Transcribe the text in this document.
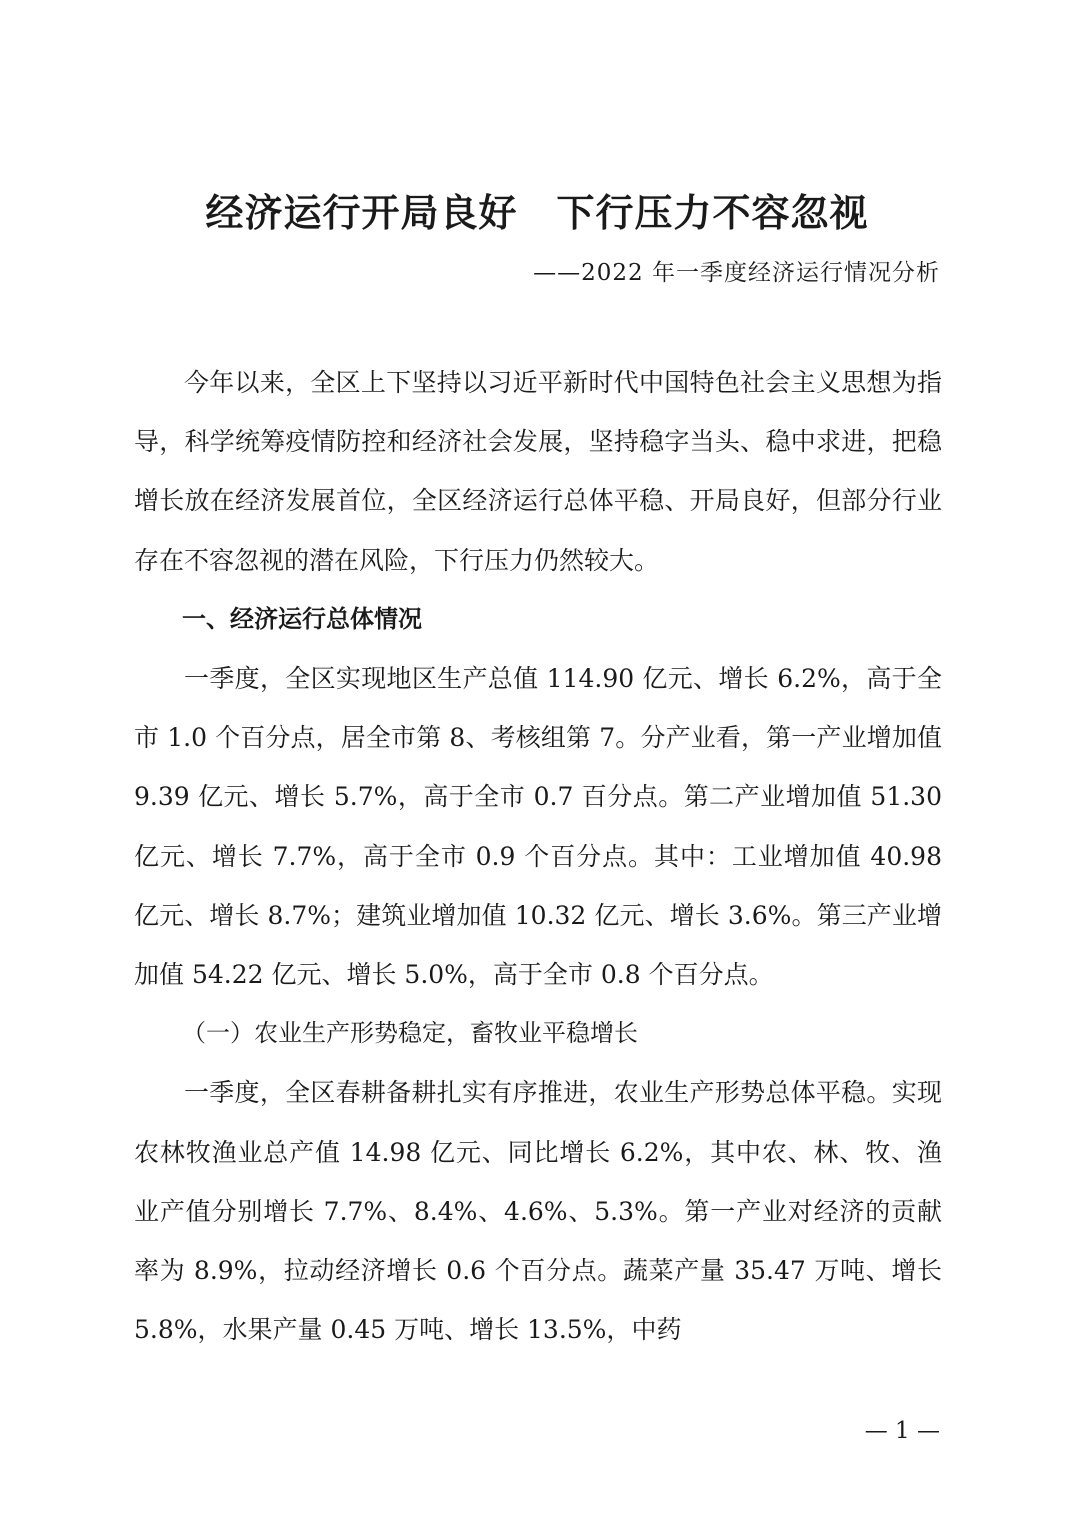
经济运行开局良好　下行压力不容忽视
——2022 年一季度经济运行情况分析

今年以来，全区上下坚持以习近平新时代中国特色社会主义思想为指导，科学统筹疫情防控和经济社会发展，坚持稳字当头、稳中求进，把稳增长放在经济发展首位，全区经济运行总体平稳、开局良好，但部分行业存在不容忽视的潜在风险，下行压力仍然较大。

一、经济运行总体情况

一季度，全区实现地区生产总值 114.90 亿元、增长 6.2%，高于全市 1.0 个百分点，居全市第 8、考核组第 7。分产业看，第一产业增加值 9.39 亿元、增长 5.7%，高于全市 0.7 百分点。第二产业增加值 51.30 亿元、增长 7.7%，高于全市 0.9 个百分点。其中：工业增加值 40.98 亿元、增长 8.7%；建筑业增加值 10.32 亿元、增长 3.6%。第三产业增加值 54.22 亿元、增长 5.0%，高于全市 0.8 个百分点。

（一）农业生产形势稳定，畜牧业平稳增长

一季度，全区春耕备耕扎实有序推进，农业生产形势总体平稳。实现农林牧渔业总产值 14.98 亿元、同比增长 6.2%，其中农、林、牧、渔业产值分别增长 7.7%、8.4%、4.6%、5.3%。第一产业对经济的贡献率为 8.9%，拉动经济增长 0.6 个百分点。蔬菜产量 35.47 万吨、增长 5.8%，水果产量 0.45 万吨、增长 13.5%，中药

— 1 —
